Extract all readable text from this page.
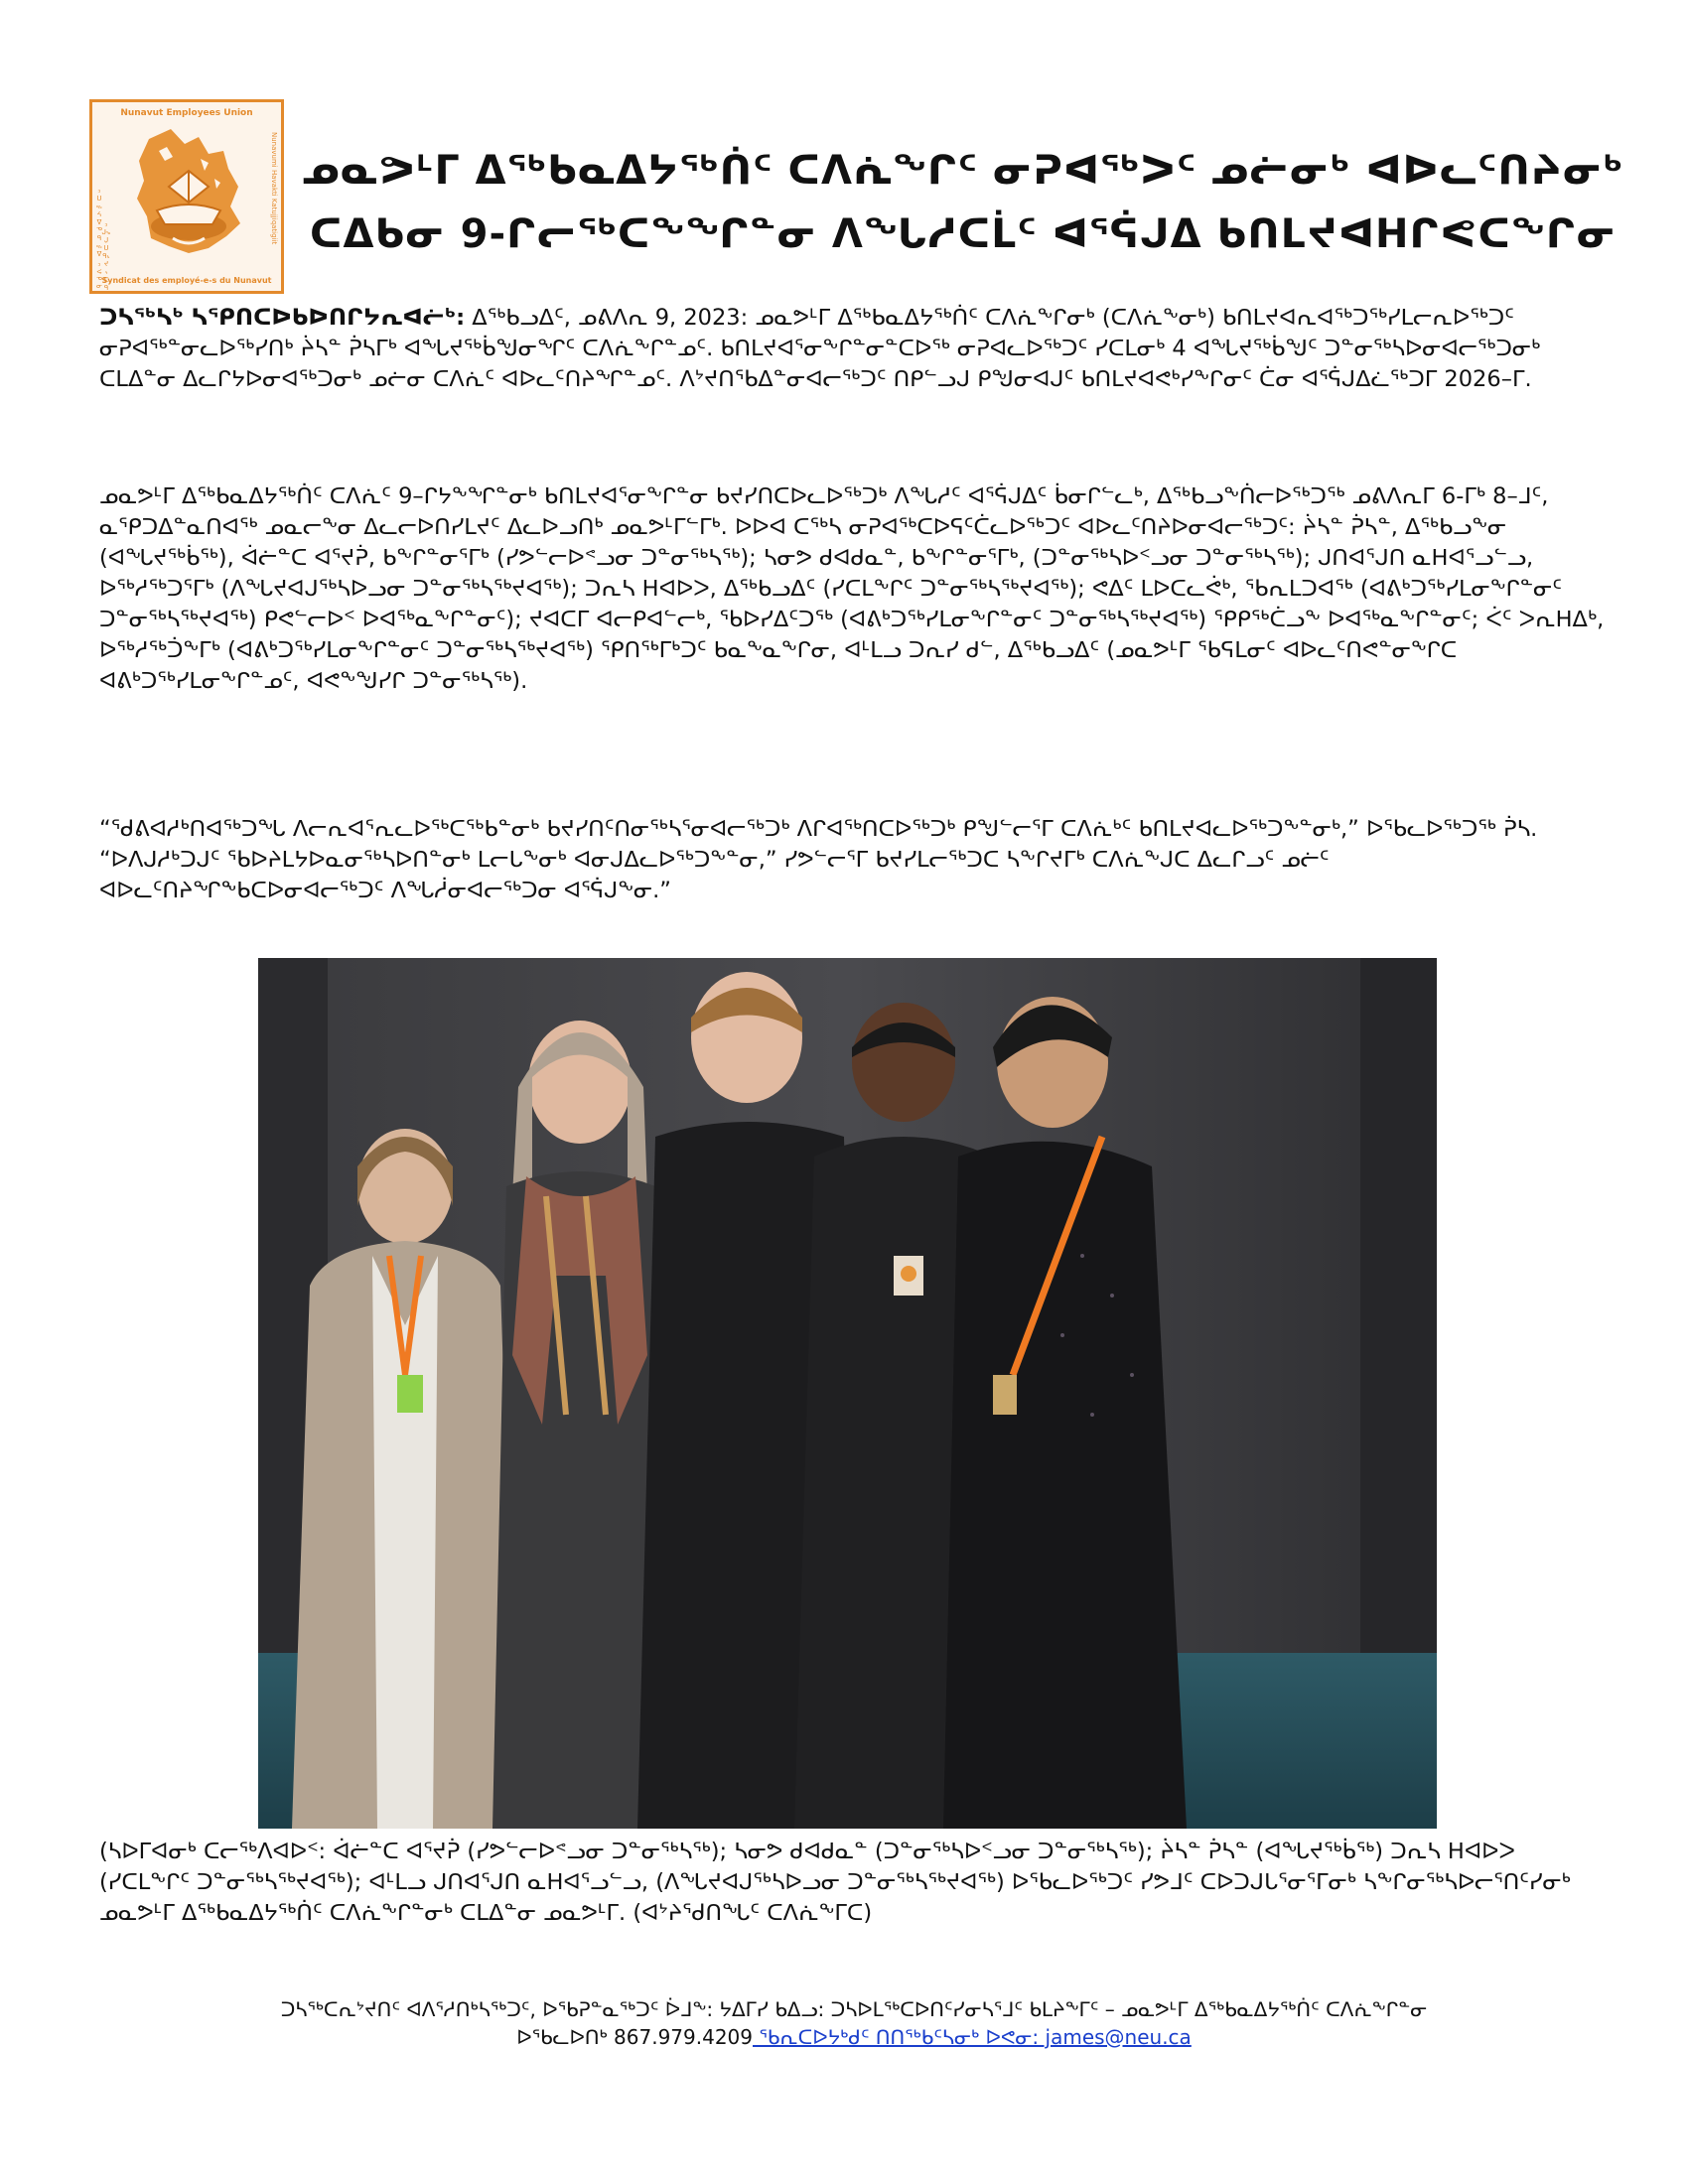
Nunavut Employees Union
ᓄᓇᕗᑦ ᐃᖅᑲᓇᐃᔭᖅᑎᑦ ᑲᑐᔾᔨᖃᑎᒌᖏᑦ
Nunavumi Havakti Katujjiqatigiit
Syndicat des employé-e-s du Nunavut
ᓄᓇᕗᒻᒥ ᐃᖅᑲᓇᐃᔭᖅᑏᑦ ᑕᐱᕇᖕᒋᑦ ᓂᕈᐊᖅᐳᑦ ᓄᓖᓂᒃ ᐊᐅᓚᑦᑎᔨᓂᒃ
ᑕᐃᑲᓂ 9-ᒋᓕᖅᑕᖕᖏᓐᓂ ᐱᖓᓱᑕᒫᑦ ᐊᕐᕌᒍᐃ ᑲᑎᒪᔪᐊᕼᒋᕙᑕᖕᒋᓂ
ᑐᓴᖅᓴᒃ ᓴᕿᑎᑕᐅᑲᐅᑎᒋᔭᕆᐊᓖᒃ: ᐃᖅᑲᓗᐃᑦ, ᓄᕕᐱᕆ 9, 2023: ᓄᓇᕗᒻᒥ ᐃᖅᑲᓇᐃᔭᖅᑏᑦ ᑕᐱᕇᖕᒋᓂᒃ (ᑕᐱᕇᖕᓂᒃ) ᑲᑎᒪᔪᐊᕆᐊᖅᑐᖅᓯᒪᓕᕆᐅᖅᑐᑦ ᓂᕈᐊᖅᓐᓂᓚᐅᖅᓯᑎᒃ ᔩᓴᓐ ᕉᓴᒥᒃ ᐊᖓᔪᖅᑳᖑᓂᖏᑦ ᑕᐱᕇᖕᒋᓐᓄᑦ. ᑲᑎᒪᔪᐊᕐᓂᖕᒋᓐᓂᓐᑕᐅᖅ ᓂᕈᐊᓚᐅᖅᑐᑦ ᓯᑕᒪᓂᒃ 4 ᐊᖓᔪᖅᑳᖑᑦ ᑐᓐᓂᖅᓴᐅᓂᐊᓕᖅᑐᓂᒃ ᑕᒪᐃᓐᓂ ᐃᓚᒋᔭᐅᓂᐊᖅᑐᓂᒃ ᓄᓖᓂ ᑕᐱᕇᑦ ᐊᐅᓚᑦᑎᔨᖏᓐᓄᑦ. ᐱᔾᔪᑎᖃᐃᓐᓂᐊᓕᖅᑐᑦ ᑎᑭᓪᓗᒍ ᑭᖑᓂᐊᒍᑦ ᑲᑎᒪᔪᐊᕙᒃᓯᖕᒋᓂᑦ ᑖᓂ ᐊᕐᕌᒍᐃᓛᖅᑐᒥ 2026–ᒥ.
ᓄᓇᕗᒻᒥ ᐃᖅᑲᓇᐃᔭᖅᑏᑦ ᑕᐱᕇᑦ 9–ᒋᔭᖕᖏᓐᓂᒃ ᑲᑎᒪᔪᐊᕐᓂᖕᒋᓐᓂ ᑲᔪᓯᑎᑕᐅᓚᐅᖅᑐᒃ ᐱᖓᓱᑦ ᐊᕐᕌᒍᐃᑦ ᑳᓂᒋᓪᓚᒃ, ᐃᖅᑲᓗᖕᑏᓕᐅᖅᑐᖅ ᓄᕕᐱᕆᒥ 6-ᒥᒃ 8–ᒧᑦ, ᓇᕿᑐᐃᓐᓇᑎᐊᖅ ᓄᓇᓕᖕᓂ ᐃᓚᓕᐅᑎᓯᒪᔪᑦ ᐃᓚᐅᓗᑎᒃ ᓄᓇᕗᒻᒥᓪᒥᒃ. ᐅᐅᐊ ᑕᖅᓴ ᓂᕈᐊᖅᑕᐅᕋᑦᑖᓚᐅᖅᑐᑦ ᐊᐅᓚᑦᑎᔨᐅᓂᐊᓕᖅᑐᑦ: ᔩᓴᓐ ᕉᓴᓐ, ᐃᖅᑲᓗᖕᓂ (ᐊᖓᔪᖅᑳᖅ), ᐋᓖᓐᑕ ᐊᕐᔪᕉ, ᑲᖕᒋᓐᓂᕐᒥᒃ (ᓯᕗᓪᓕᐅᕝᓗᓂ ᑐᓐᓂᖅᓴᖅ); ᓴᓂᕗ ᑯᐊᑯᓇᓐ, ᑲᖕᒋᓐᓂᕐᒥᒃ, (ᑐᓐᓂᖅᓴᐅᑉᓗᓂ ᑐᓐᓂᖅᓴᖅ); ᒍᑎᐊᕐᒍᑎ ᓇᕼᐊᕐᓗᓪᓗ, ᐅᖅᓱᖅᑐᕐᒥᒃ (ᐱᖓᔪᐊᒍᖅᓴᐅᓗᓂ ᑐᓐᓂᖅᓴᖅᔪᐊᖅ); ᑐᕆᓴ ᕼᐊᐅᐳ, ᐃᖅᑲᓗᐃᑦ (ᓯᑕᒪᖕᒋᑦ ᑐᓐᓂᖅᓴᖅᔪᐊᖅ); ᕙᐃᑦ ᒪᐅᑕᓚᕚᒃ, ᖃᕆᒪᑐᐊᖅ (ᐊᕕᒃᑐᖅᓯᒪᓂᖕᒋᓐᓂᑦ ᑐᓐᓂᖅᓴᖅᔪᐊᖅ) ᑭᕙᓪᓕᐅᑉ ᐅᐊᖅᓇᖕᒋᓐᓂᑦ); ᔪᐊᑕᒥ ᐊᓕᑭᐊᓪᓕᒃ, ᖃᐅᓯᐃᑦᑐᖅ (ᐊᕕᒃᑐᖅᓯᒪᓂᖕᒋᓐᓂᑦ ᑐᓐᓂᖅᓴᖅᔪᐊᖅ) ᕿᑭᖅᑖᓗᖕ ᐅᐊᖅᓇᖕᒋᓐᓂᑦ; ᐹᑦ ᐳᕆᕼᐃᒃ, ᐅᖅᓱᖅᑑᖕᒥᒃ (ᐊᕕᒃᑐᖅᓯᒪᓂᖕᒋᓐᓂᑦ ᑐᓐᓂᖅᓴᖅᔪᐊᖅ) ᕿᑎᖅᒥᒃᑐᑦ ᑲᓇᖕᓇᖕᒋᓂ, ᐊᒻᒪᓗ ᑐᕆᓯ ᑯᓪ, ᐃᖅᑲᓗᐃᑦ (ᓄᓇᕗᒻᒥ ᖃᕋᒪᓂᑦ ᐊᐅᓚᑦᑎᕙᓐᓂᖕᒋᑕ ᐊᕕᒃᑐᖅᓯᒪᓂᖕᒋᓐᓄᑦ, ᐊᕙᖕᖑᓯᒋ ᑐᓐᓂᖅᓴᖅ).
“ᖁᕕᐊᓱᒃᑎᐊᖅᑐᖓ ᐱᓕᕆᐊᕐᕆᓚᐅᖅᑕᖅᑲᓐᓂᒃ ᑲᔪᓯᑎᑦᑎᓂᖅᓴᕐᓂᐊᓕᖅᑐᒃ ᐱᒋᐊᖅᑎᑕᐅᖅᑐᒃ ᑭᖑᓪᓕᕐᒥ ᑕᐱᕇᒃᑦ ᑲᑎᒪᔪᐊᓚᐅᖅᑐᖕᓐᓂᒃ,” ᐅᖃᓚᐅᖅᑐᖅ ᕉᓴ. “ᐅᐱᒍᓱᒃᑐᒍᑦ ᖃᐅᔨᒪᔭᐅᓇᓂᖅᓴᐅᑎᓐᓂᒃ ᒪᓕᒐᖕᓂᒃ ᐊᓂᒍᐃᓚᐅᖅᑐᖕᓐᓂ,” ᓯᕗᓪᓕᕐᒥ ᑲᔪᓯᒪᓕᖅᑐᑕ ᓴᖕᒋᔪᒥᒃ ᑕᐱᕇᖕᒍᑕ ᐃᓚᒋᓗᑦ ᓄᓖᑦ ᐊᐅᓚᑦᑎᔨᖏᖕᑲᑕᐅᓂᐊᓕᖅᑐᑦ ᐱᖓᓲᓂᐊᓕᖅᑐᓂ ᐊᕐᕌᒍᖕᓂ.”
(ᓴᐅᒥᐊᓂᒃ ᑕᓕᖅᐱᐊᐅᑉ: ᐋᓖᓐᑕ ᐊᕐᔪᕉ (ᓯᕗᓪᓕᐅᕝᓗᓂ ᑐᓐᓂᖅᓴᖅ); ᓴᓂᕗ ᑯᐊᑯᓇᓐ (ᑐᓐᓂᖅᓴᐅᑉᓗᓂ ᑐᓐᓂᖅᓴᖅ); ᔩᓴᓐ ᕉᓴᓐ (ᐊᖓᔪᖅᑳᖅ) ᑐᕆᓴ ᕼᐊᐅᐳ (ᓯᑕᒪᖕᒋᑦ ᑐᓐᓂᖅᓴᖅᔪᐊᖅ); ᐊᒻᒪᓗ ᒍᑎᐊᕐᒍᑎ ᓇᕼᐊᕐᓗᓪᓗ, (ᐱᖓᔪᐊᒍᖅᓴᐅᓗᓂ ᑐᓐᓂᖅᓴᖅᔪᐊᖅ) ᐅᖃᓚᐅᖅᑐᑦ ᓯᕗᒧᑦ ᑕᐅᑐᒍᒐᕐᓂᕐᒥᓂᒃ ᓴᖕᒋᓂᖅᓴᐅᓕᕐᑎᑦᓯᓂᒃ ᓄᓇᕗᒻᒥ ᐃᖅᑲᓇᐃᔭᖅᑏᑦ ᑕᐱᕇᖕᒋᓐᓂᒃ ᑕᒪᐃᓐᓂ ᓄᓇᕗᒻᒥ. (ᐊᔾᔨᖁᑎᖓᑦ ᑕᐱᕇᖕᒥᑕ)
ᑐᓴᖅᑕᕆᔾᔪᑎᑦ ᐊᐱᕐᓱᑎᒃᓴᖅᑐᑦ, ᐅᖃᕈᓐᓇᖅᑐᑦ ᐆᒧᖕ: ᔭᐃᒥᓯ ᑲᐃᓗ: ᑐᓴᐅᒪᖅᑕᐅᑎᑦᓯᓂᓴᕐᒧᑦ ᑲᒪᔨᖕᒥᑦ – ᓄᓇᕗᒻᒥ ᐃᖅᑲᓇᐃᔭᖅᑏᑦ ᑕᐱᕇᖕᒋᓐᓂ
ᐅᖃᓚᐅᑎᒃ 867.979.4209 ᖃᕆᑕᐅᔭᒃᑯᑦ ᑎᑎᖅᑲᑦᓴᓂᒃ ᐅᕙᓂ: james@neu.ca
